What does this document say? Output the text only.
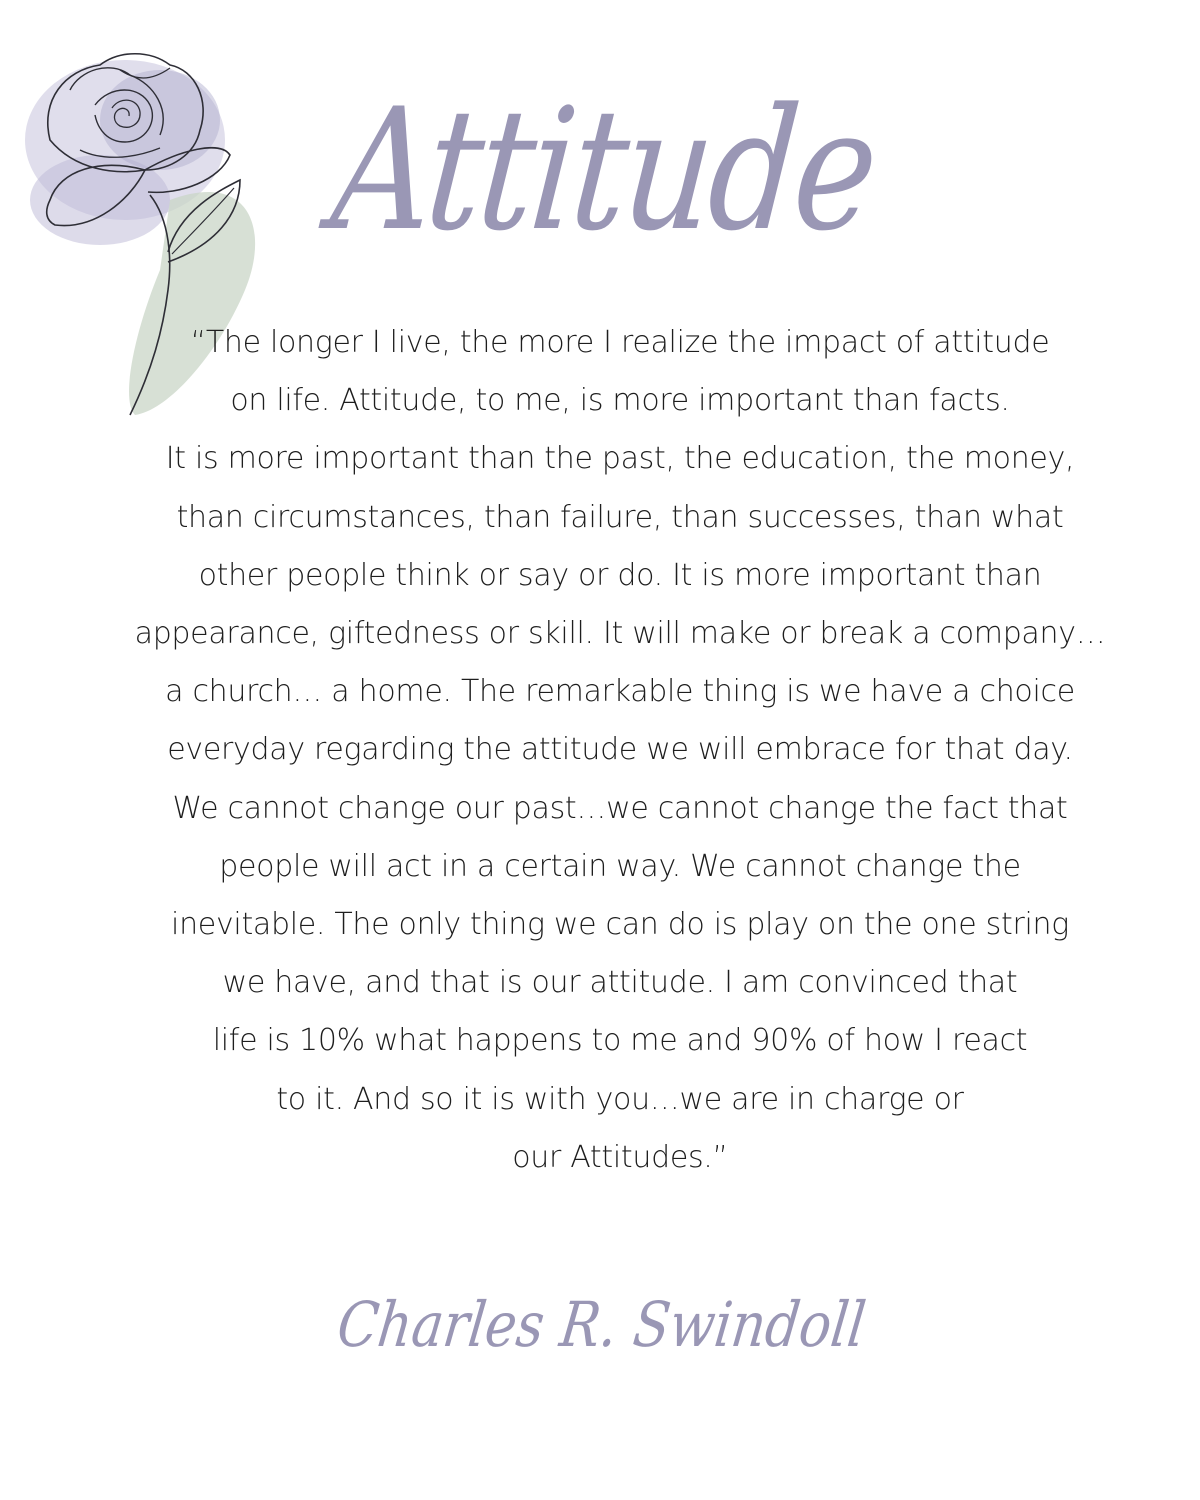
Attitude
“The longer I live, the more I realize the impact of attitude
on life. Attitude, to me, is more important than facts.
It is more important than the past, the education, the money,
than circumstances, than failure, than successes, than what
other people think or say or do. It is more important than
appearance, giftedness or skill. It will make or break a company…
a church… a home. The remarkable thing is we have a choice
everyday regarding the attitude we will embrace for that day.
We cannot change our past…we cannot change the fact that
people will act in a certain way. We cannot change the
inevitable. The only thing we can do is play on the one string
we have, and that is our attitude. I am convinced that
life is 10% what happens to me and 90% of how I react
to it. And so it is with you…we are in charge or
our Attitudes.”
Charles R. Swindoll
